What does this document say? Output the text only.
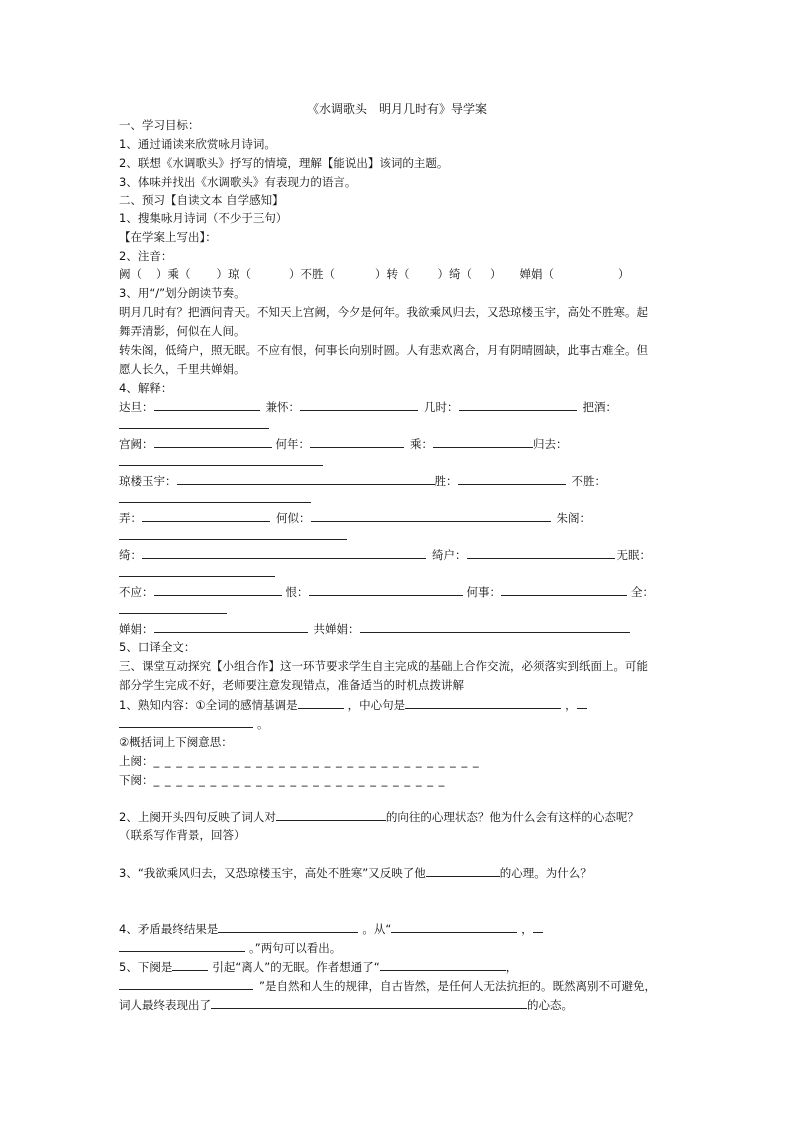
《水调歌头　明月几时有》导学案
一、学习目标：
1、通过诵读来欣赏咏月诗词。
2、联想《水调歌头》抒写的情境，理解【能说出】该词的主题。
3、体味并找出《水调歌头》有表现力的语言。
二、预习【自读文本 自学感知】
1、搜集咏月诗词（不少于三句）
【在学案上写出】：
2、注音：
阙（ ）乘（ ）琼（	）不胜（	）转（ ）绮（ ） 婵娟（	）
3、用“/”划分朗读节奏。
明月几时有？把酒问青天。不知天上宫阙，今夕是何年。我欲乘风归去，又恐琼楼玉宇，高处不胜寒。起
舞弄清影，何似在人间。
转朱阁，低绮户，照无眠。不应有恨，何事长向别时圆。人有悲欢离合，月有阴晴圆缺，此事古难全。但
愿人长久，千里共婵娟。
4、解释：
达旦：	兼怀：	几时：	把酒：
宫阙：	何年：	乘：	归去：
琼楼玉宇：	胜：	不胜：
弄：	何似：	朱阁：
绮：	绮户：	无眠：
不应：	恨：	何事：	全：
婵娟：	共婵娟：
5、口译全文：
三、课堂互动探究【小组合作】这一环节要求学生自主完成的基础上合作交流，必须落实到纸面上。可能
部分学生完成不好，老师要注意发现错点，准备适当的时机点拨讲解
1、熟知内容：①全词的感情基调是	，中心句是	，
。
②概括词上下阕意思：
上阕：_ _ _ _ _ _ _ _ _ _ _ _ _ _ _ _ _ _ _ _ _ _ _ _ _ _ _ _ _
下阕：_ _ _ _ _ _ _ _ _ _ _ _ _ _ _ _ _ _ _ _ _ _ _ _ _ _
2、上阕开头四句反映了词人对	的向往的心理状态？他为什么会有这样的心态呢？
（联系写作背景，回答）
3、“我欲乘风归去，又恐琼楼玉宇，高处不胜寒”又反映了他	的心理。为什么？
4、矛盾最终结果是	。从“	，
。”两句可以看出。
5、下阕是	引起“离人”的无眠。作者想通了“	，
”是自然和人生的规律，自古皆然，是任何人无法抗拒的。既然离别不可避免，
词人最终表现出了	的心态。
